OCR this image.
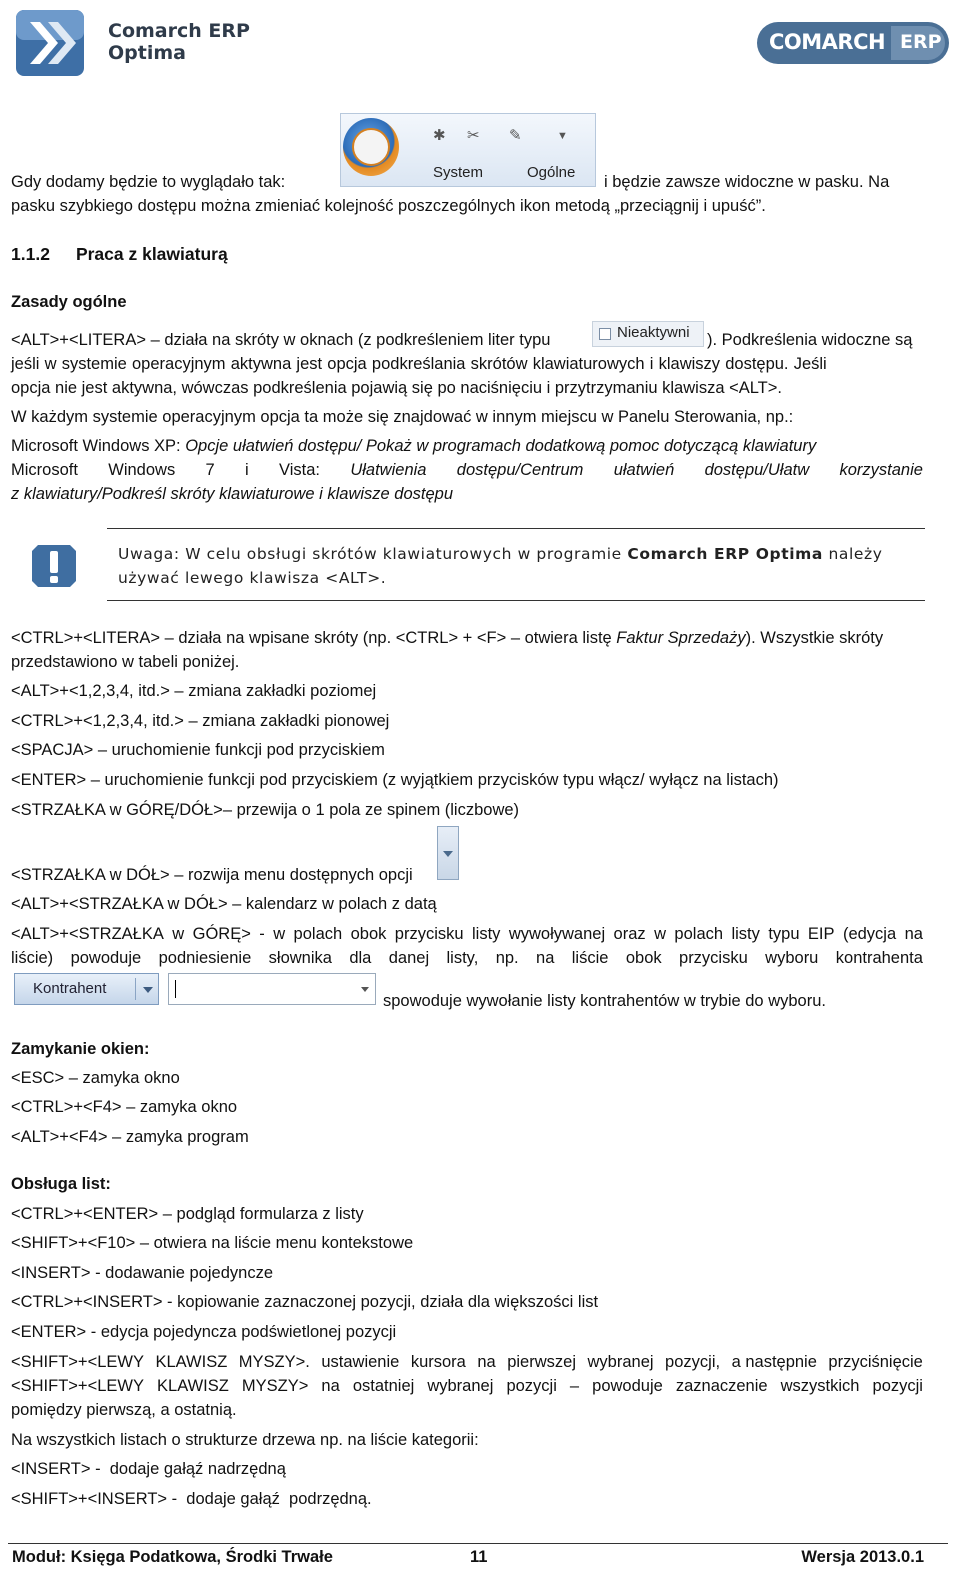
Comarch ERP
Optima	COMARCH ERP
✱ ✂ ✎	▼
System	Ogólne
Gdy dodamy będzie to wyglądało tak:	i będzie zawsze widoczne w pasku. Na
pasku szybkiego dostępu można zmieniać kolejność poszczególnych ikon metodą „przeciągnij i upuść”.
1.1.2 Praca z klawiaturą
Zasady ogólne
<ALT>+<LITERA> – działa na skróty w oknach (z podkreśleniem liter typu	). Podkreślenia widoczne są
jeśli w systemie operacyjnym aktywna jest opcja podkreślania skrótów klawiaturowych i klawiszy dostępu. Jeśli
opcja nie jest aktywna, wówczas podkreślenia pojawią się po naciśnięciu i przytrzymaniu klawisza <ALT>.
W każdym systemie operacyjnym opcja ta może się znajdować w innym miejscu w Panelu Sterowania, np.:
Microsoft Windows XP: Opcje ułatwień dostępu/ Pokaż w programach dodatkową pomoc dotyczącą klawiatury
Microsoft Windows 7 i Vista: Ułatwienia dostępu/Centrum ułatwień dostępu/Ułatw korzystanie
z klawiatury/Podkreśl skróty klawiaturowe i klawisze dostępu
Nieaktywni
Uwaga: W celu obsługi skrótów klawiaturowych w programie Comarch ERP Optima należy
używać lewego klawisza <ALT>.
<CTRL>+<LITERA> – działa na wpisane skróty (np. <CTRL> + <F> – otwiera listę Faktur Sprzedaży). Wszystkie skróty
przedstawiono w tabeli poniżej.
<ALT>+<1,2,3,4, itd.> – zmiana zakładki poziomej
<CTRL>+<1,2,3,4, itd.> – zmiana zakładki pionowej
<SPACJA> – uruchomienie funkcji pod przyciskiem
<ENTER> – uruchomienie funkcji pod przyciskiem (z wyjątkiem przycisków typu włącz/ wyłącz na listach)
<STRZAŁKA w GÓRĘ/DÓŁ>– przewija o 1 pola ze spinem (liczbowe)
<STRZAŁKA w DÓŁ> – rozwija menu dostępnych opcji
<ALT>+<STRZAŁKA w DÓŁ> – kalendarz w polach z datą
<ALT>+<STRZAŁKA w GÓRĘ> - w polach obok przycisku listy wywoływanej oraz w polach listy typu EIP (edycja na
liście) powoduje podniesienie słownika dla danej listy, np. na liście obok przycisku wyboru kontrahenta
spowoduje wywołanie listy kontrahentów w trybie do wyboru.
Zamykanie okien:
<ESC> – zamyka okno
<CTRL>+<F4> – zamyka okno
<ALT>+<F4> – zamyka program
Obsługa list:
<CTRL>+<ENTER> – podgląd formularza z listy
<SHIFT>+<F10> – otwiera na liście menu kontekstowe
<INSERT> - dodawanie pojedyncze
<CTRL>+<INSERT> - kopiowanie zaznaczonej pozycji, działa dla większości list
<ENTER> - edycja pojedyncza podświetlonej pozycji
<SHIFT>+<LEWY KLAWISZ MYSZY>. ustawienie kursora na pierwszej wybranej pozycji, a następnie przyciśnięcie
<SHIFT>+<LEWY KLAWISZ MYSZY> na ostatniej wybranej pozycji – powoduje zaznaczenie wszystkich pozycji
pomiędzy pierwszą, a ostatnią.
Na wszystkich listach o strukturze drzewa np. na liście kategorii:
<INSERT> -  dodaje gałąź nadrzędną
<SHIFT>+<INSERT> -  dodaje gałąź  podrzędną.
Kontrahent
Moduł: Księga Podatkowa, Środki Trwałe	11	Wersja 2013.0.1
